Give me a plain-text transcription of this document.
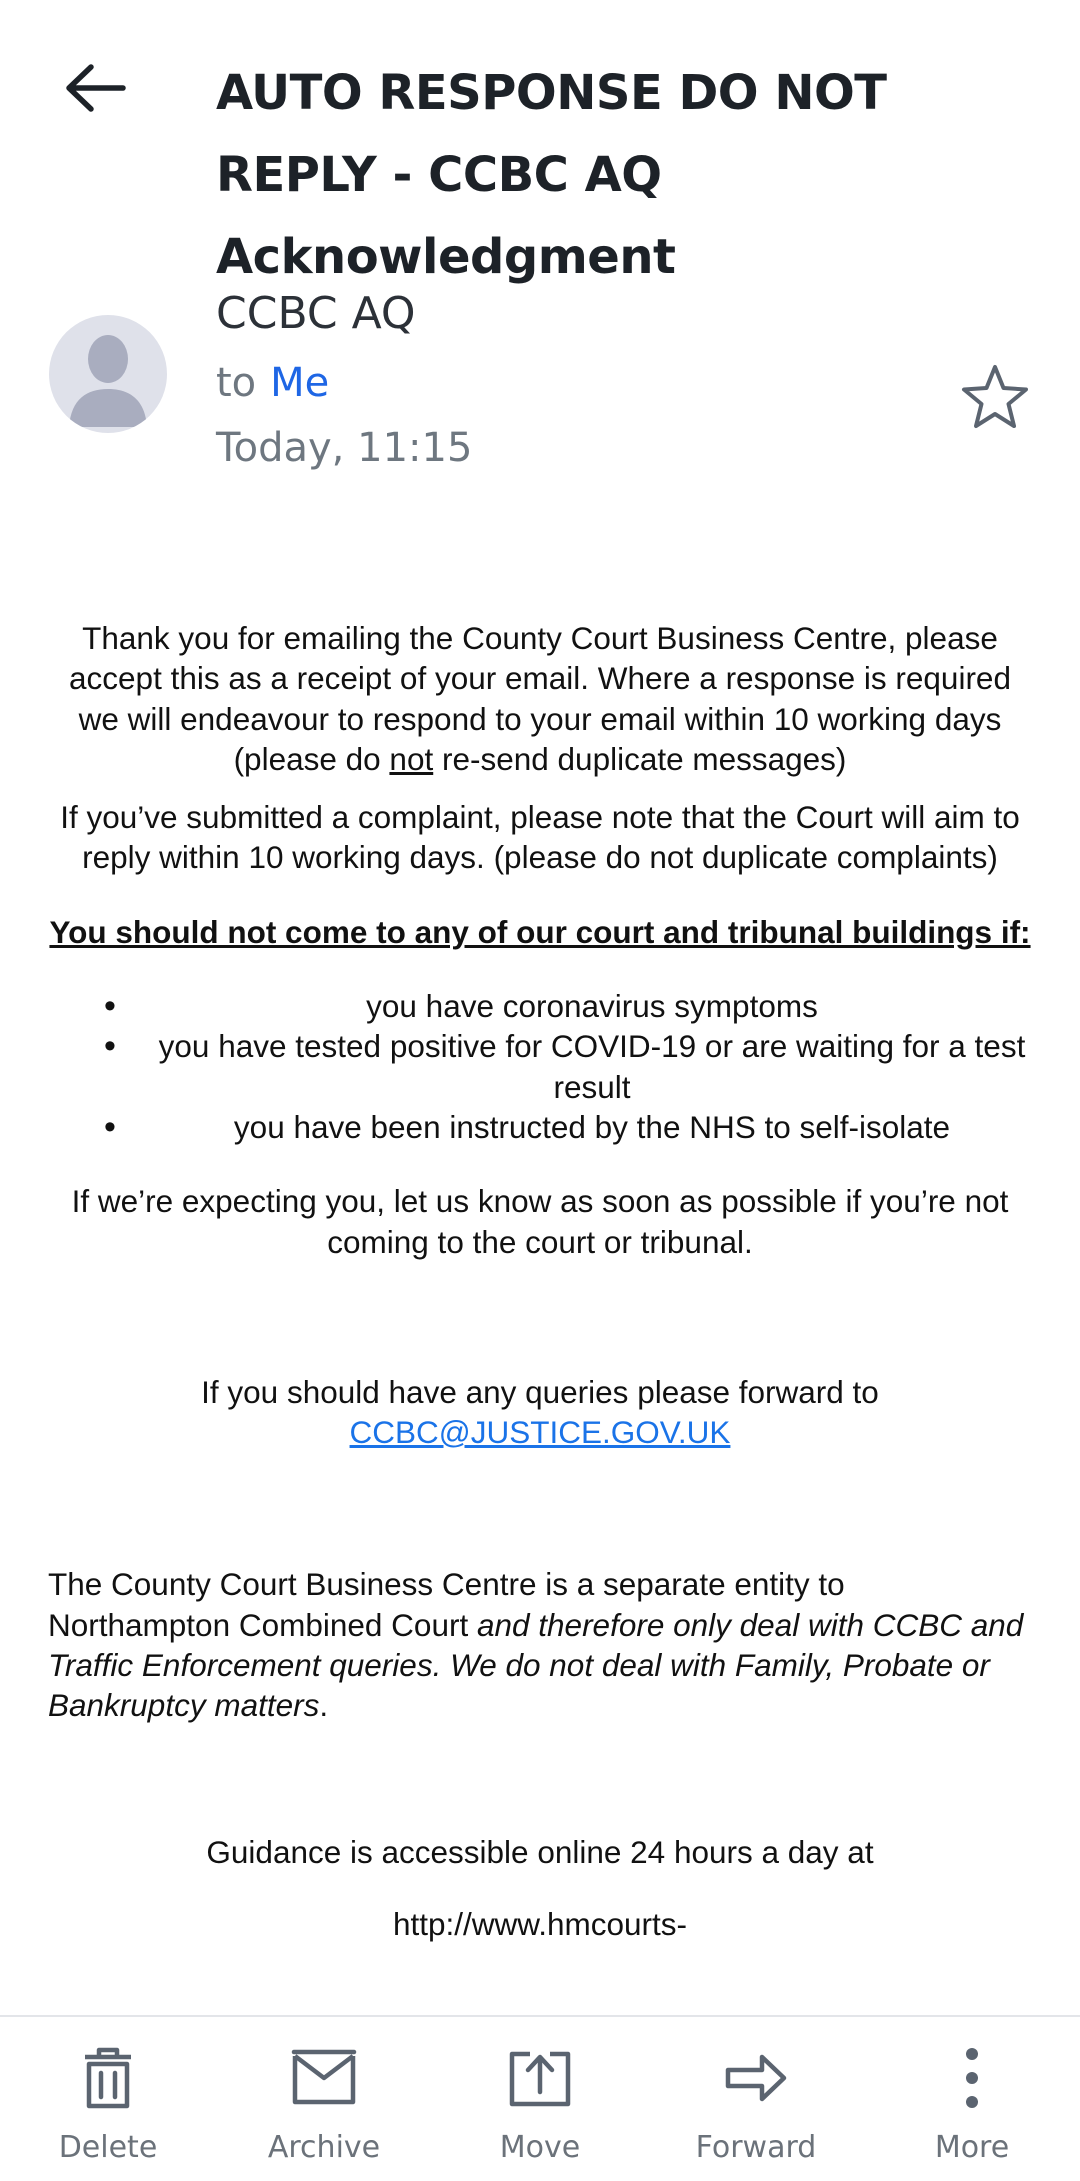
AUTO RESPONSE DO NOT REPLY - CCBC AQ Acknowledgment
CCBC AQ
to Me
Today, 11:15

Thank you for emailing the County Court Business Centre, please accept this as a receipt of your email. Where a response is required we will endeavour to respond to your email within 10 working days (please do not re-send duplicate messages)

If you’ve submitted a complaint, please note that the Court will aim to reply within 10 working days. (please do not duplicate complaints)

You should not come to any of our court and tribunal buildings if:

• you have coronavirus symptoms
• you have tested positive for COVID-19 or are waiting for a test result
• you have been instructed by the NHS to self-isolate

If we’re expecting you, let us know as soon as possible if you’re not coming to the court or tribunal.

If you should have any queries please forward to
CCBC@JUSTICE.GOV.UK

The County Court Business Centre is a separate entity to Northampton Combined Court and therefore only deal with CCBC and Traffic Enforcement queries. We do not deal with Family, Probate or Bankruptcy matters.

Guidance is accessible online 24 hours a day at

http://www.hmcourts-

Delete	Archive	Move	Forward	More
